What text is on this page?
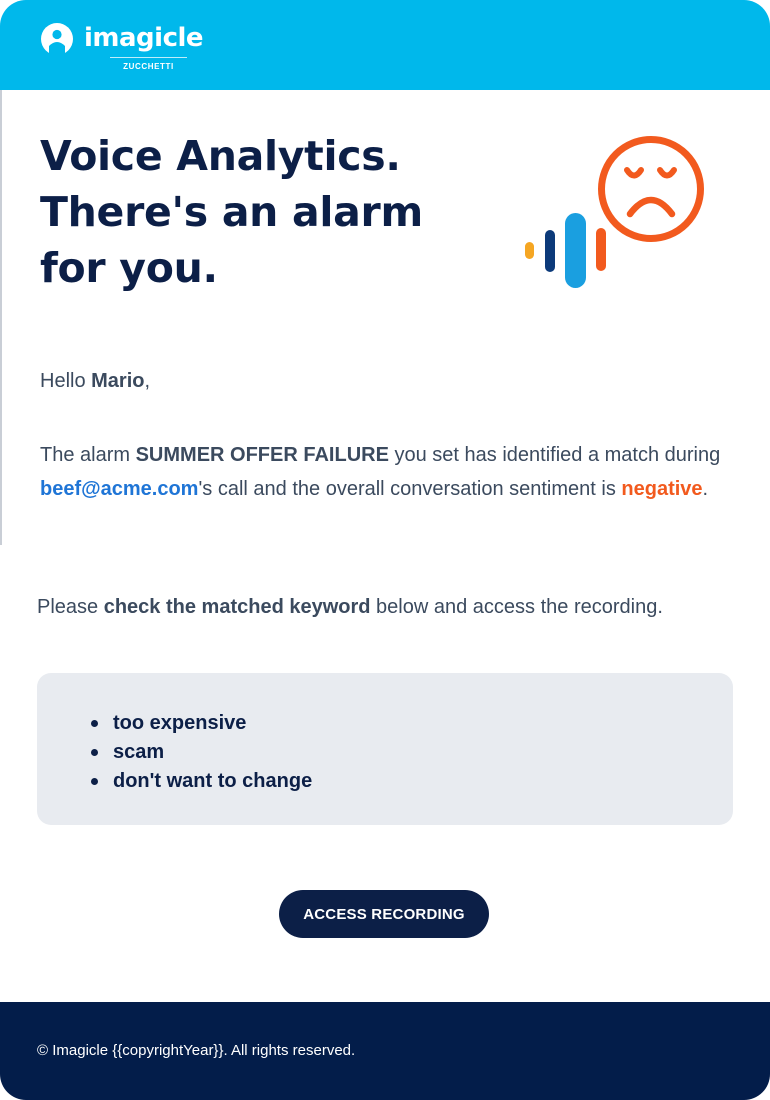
imagicle
ZUCCHETTI
Voice Analytics.
There's an alarm
for you.

Hello Mario,

The alarm SUMMER OFFER FAILURE you set has identified a match during beef@acme.com's call and the overall conversation sentiment is negative.

Please check the matched keyword below and access the recording.

too expensive
scam
don't want to change
ACCESS RECORDING
© Imagicle {{copyrightYear}}. All rights reserved.
